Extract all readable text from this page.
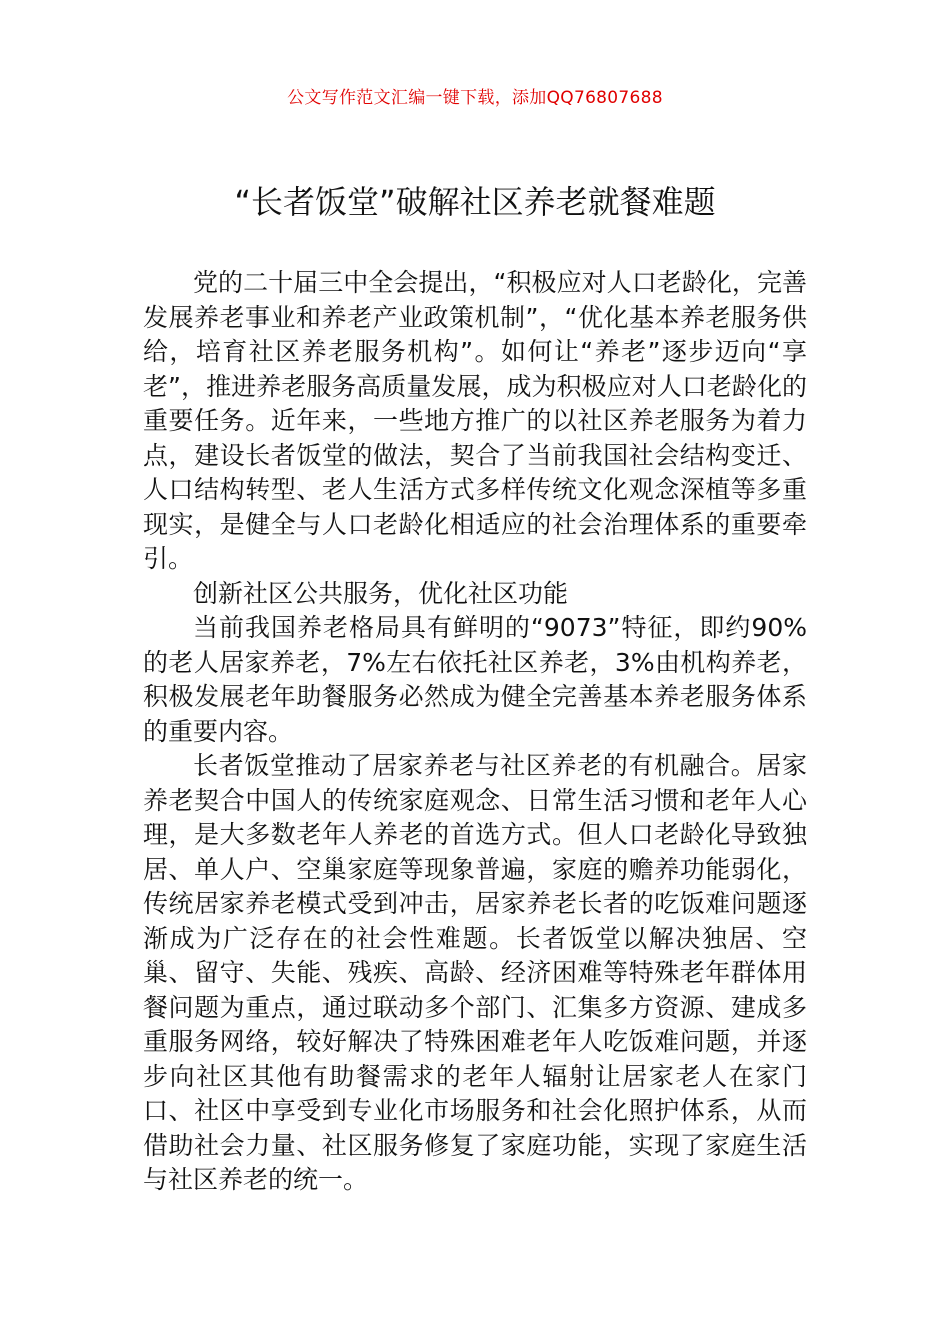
公文写作范文汇编一键下载，添加QQ76807688
“长者饭堂”破解社区养老就餐难题

党的二十届三中全会提出，“积极应对人口老龄化，完善发展养老事业和养老产业政策机制”，“优化基本养老服务供给，培育社区养老服务机构”。如何让“养老”逐步迈向“享老”，推进养老服务高质量发展，成为积极应对人口老龄化的重要任务。近年来，一些地方推广的以社区养老服务为着力点，建设长者饭堂的做法，契合了当前我国社会结构变迁、人口结构转型、老人生活方式多样传统文化观念深植等多重现实，是健全与人口老龄化相适应的社会治理体系的重要牵引。

创新社区公共服务，优化社区功能

当前我国养老格局具有鲜明的“9073”特征，即约90%的老人居家养老，7%左右依托社区养老，3%由机构养老，积极发展老年助餐服务必然成为健全完善基本养老服务体系的重要内容。

长者饭堂推动了居家养老与社区养老的有机融合。居家养老契合中国人的传统家庭观念、日常生活习惯和老年人心理，是大多数老年人养老的首选方式。但人口老龄化导致独居、单人户、空巢家庭等现象普遍，家庭的赡养功能弱化，传统居家养老模式受到冲击，居家养老长者的吃饭难问题逐渐成为广泛存在的社会性难题。长者饭堂以解决独居、空巢、留守、失能、残疾、高龄、经济困难等特殊老年群体用餐问题为重点，通过联动多个部门、汇集多方资源、建成多重服务网络，较好解决了特殊困难老年人吃饭难问题，并逐步向社区其他有助餐需求的老年人辐射让居家老人在家门口、社区中享受到专业化市场服务和社会化照护体系，从而借助社会力量、社区服务修复了家庭功能，实现了家庭生活与社区养老的统一。
